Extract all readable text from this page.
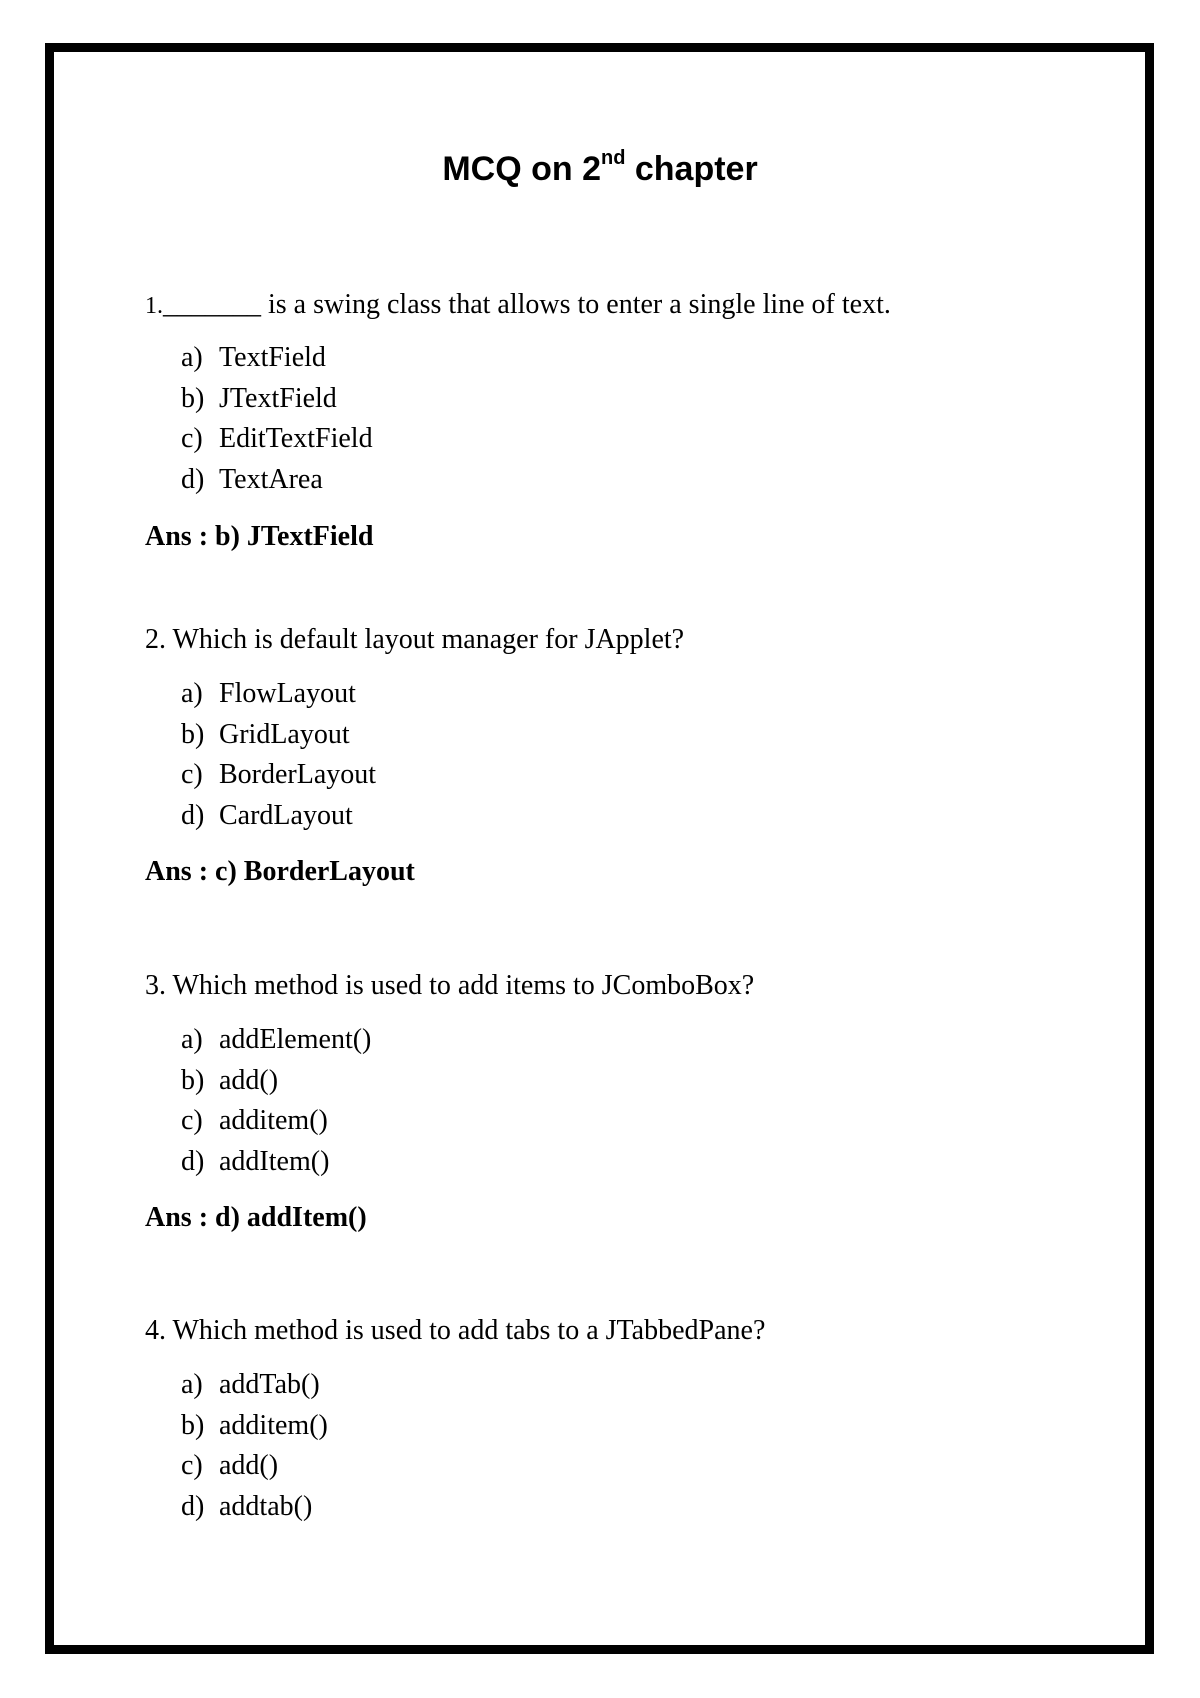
MCQ on 2nd chapter
1._______ is a swing class that allows to enter a single line of text.
a) TextField
b) JTextField
c) EditTextField
d) TextArea
Ans : b) JTextField
2. Which is default layout manager for JApplet?
a) FlowLayout
b) GridLayout
c) BorderLayout
d) CardLayout
Ans : c) BorderLayout
3. Which method is used to add items to JComboBox?
a) addElement()
b) add()
c) additem()
d) addItem()
Ans : d) addItem()
4. Which method is used to add tabs to a JTabbedPane?
a) addTab()
b) additem()
c) add()
d) addtab()
